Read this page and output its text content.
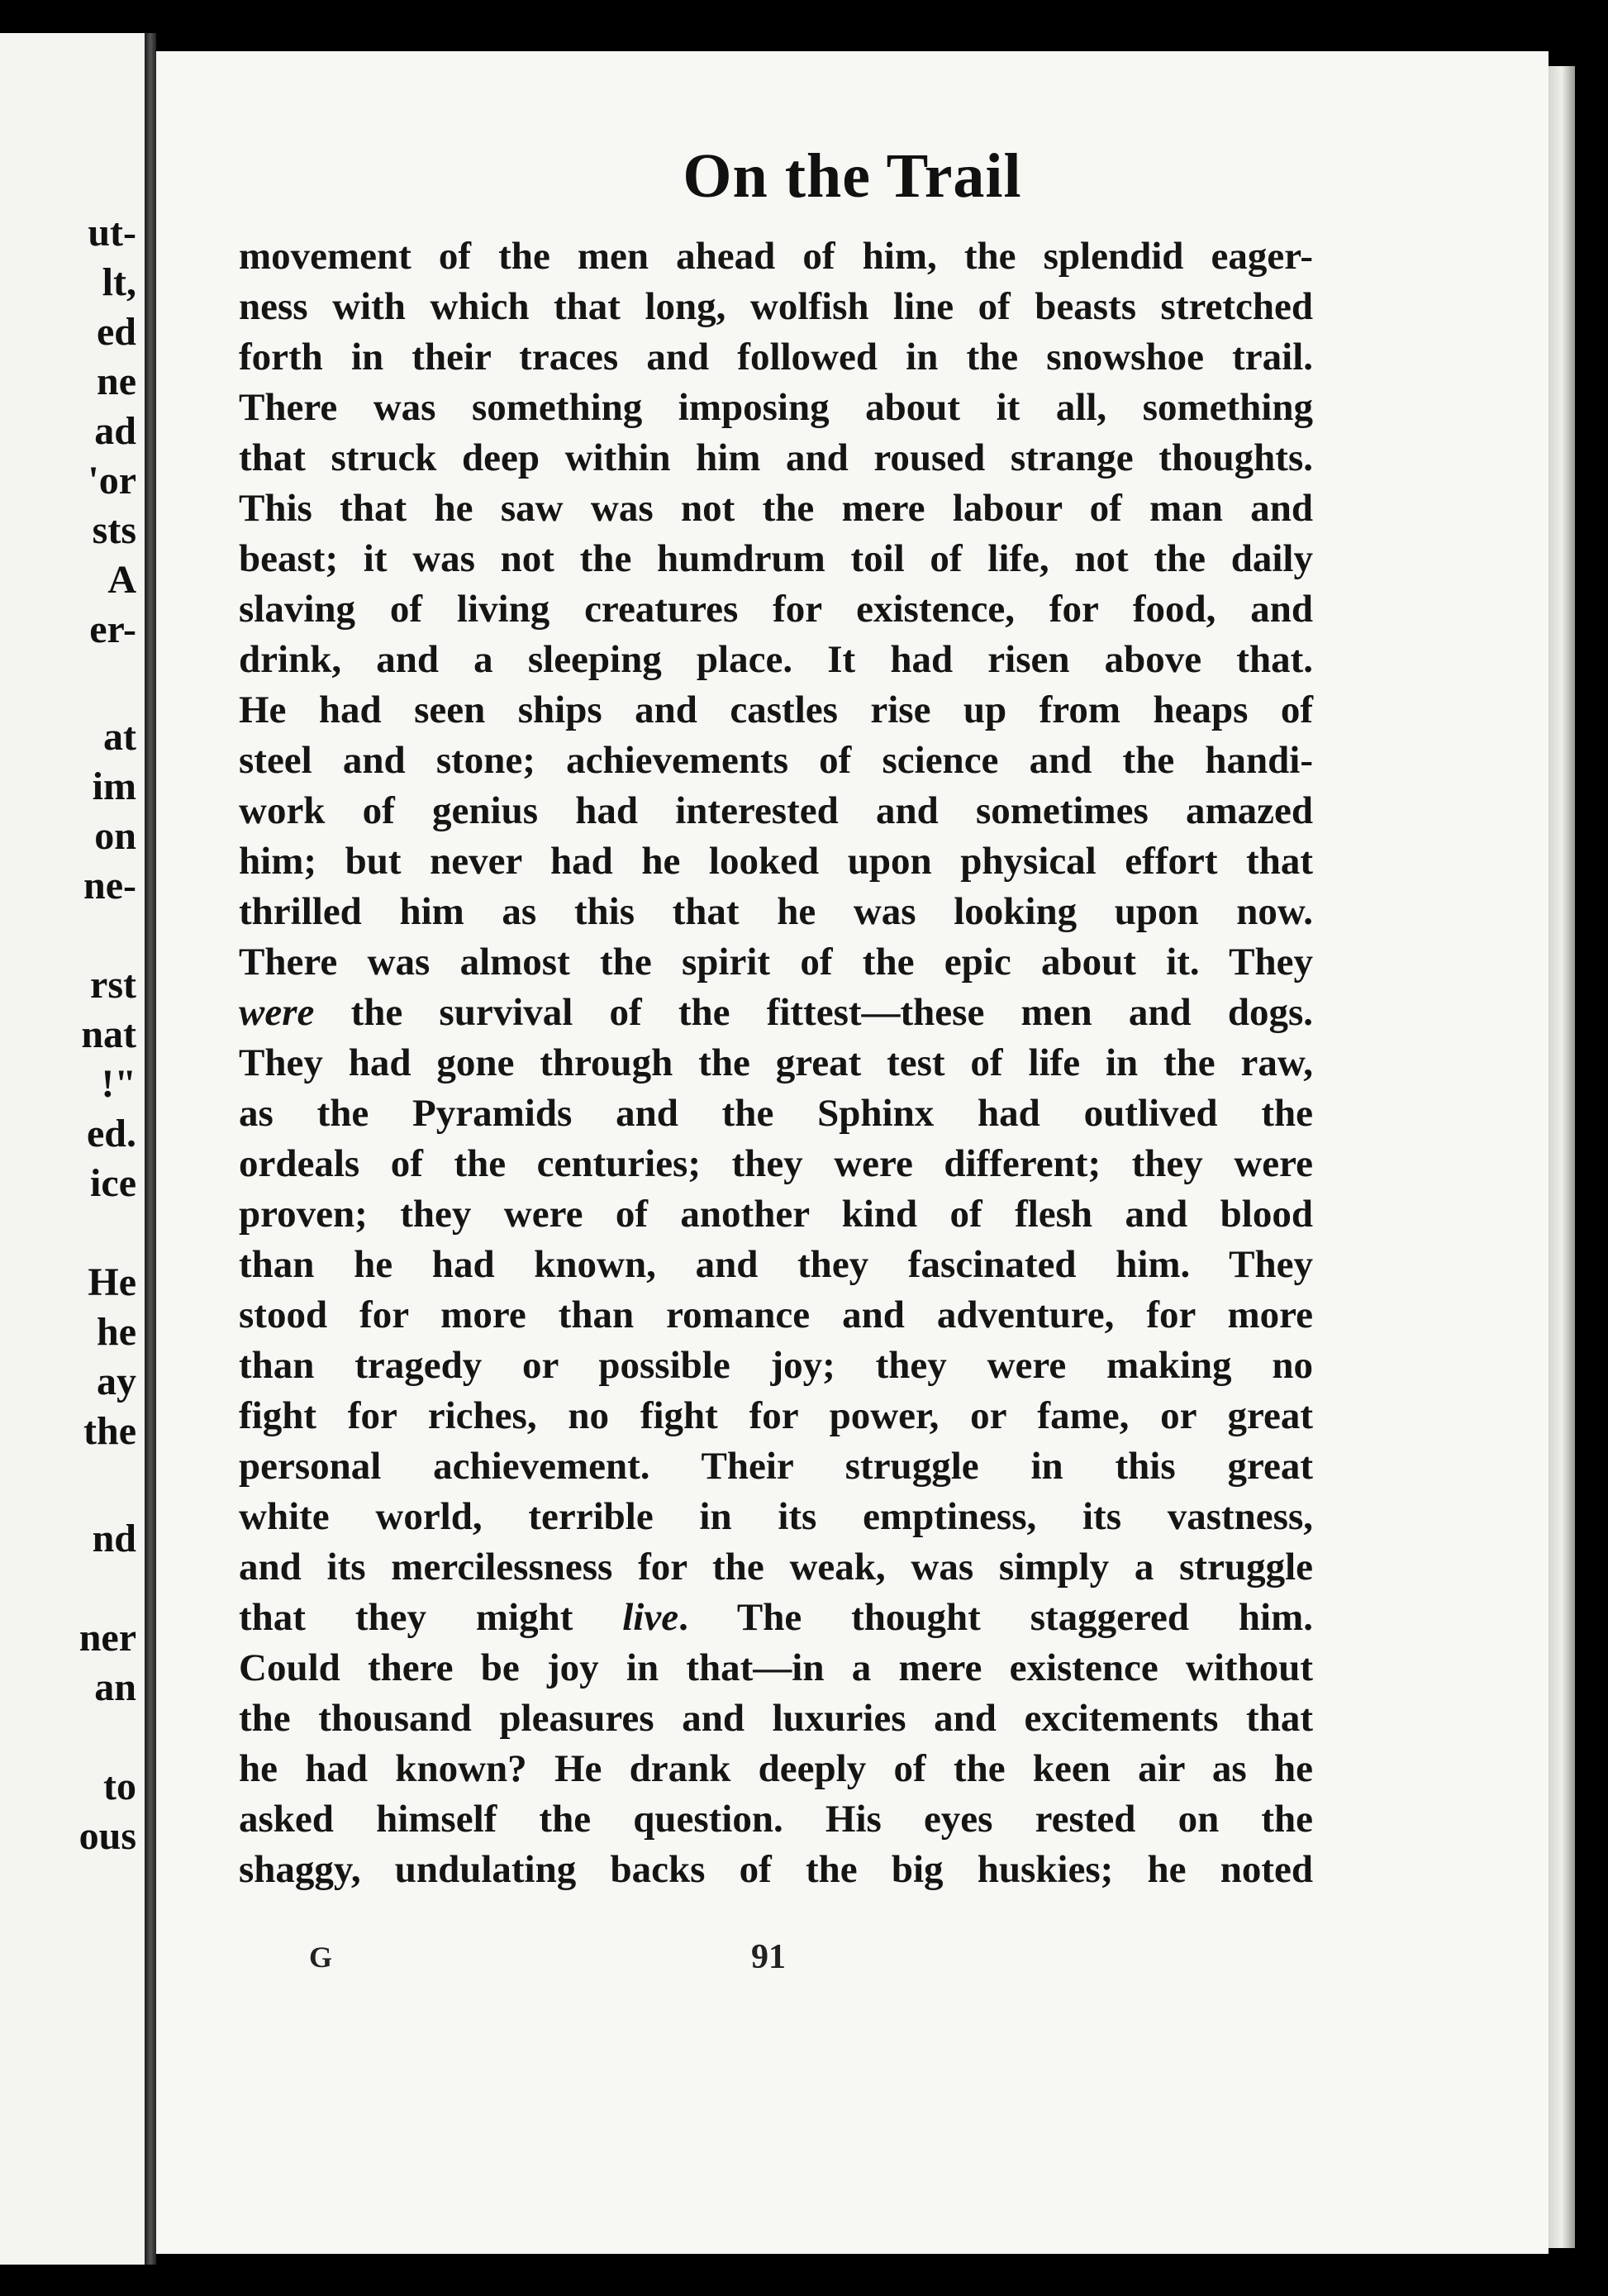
ut-
lt,
ed
ne
ad
'or
sts
A
er-
at
im
on
ne-
rst
nat
!"
ed.
ice
He
he
ay
the
nd
ner
an
to
ous
On the Trail
movement of the men ahead of him, the splendid eager-
ness with which that long, wolfish line of beasts stretched
forth in their traces and followed in the snowshoe trail.
There was something imposing about it all, something
that struck deep within him and roused strange thoughts.
This that he saw was not the mere labour of man and
beast; it was not the humdrum toil of life, not the daily
slaving of living creatures for existence, for food, and
drink, and a sleeping place. It had risen above that.
He had seen ships and castles rise up from heaps of
steel and stone; achievements of science and the handi-
work of genius had interested and sometimes amazed
him; but never had he looked upon physical effort that
thrilled him as this that he was looking upon now.
There was almost the spirit of the epic about it. They
were the survival of the fittest—these men and dogs.
They had gone through the great test of life in the raw,
as the Pyramids and the Sphinx had outlived the
ordeals of the centuries; they were different; they were
proven; they were of another kind of flesh and blood
than he had known, and they fascinated him. They
stood for more than romance and adventure, for more
than tragedy or possible joy; they were making no
fight for riches, no fight for power, or fame, or great
personal achievement. Their struggle in this great
white world, terrible in its emptiness, its vastness,
and its mercilessness for the weak, was simply a struggle
that they might live. The thought staggered him.
Could there be joy in that—in a mere existence without
the thousand pleasures and luxuries and excitements that
he had known? He drank deeply of the keen air as he
asked himself the question. His eyes rested on the
shaggy, undulating backs of the big huskies; he noted
G	91
